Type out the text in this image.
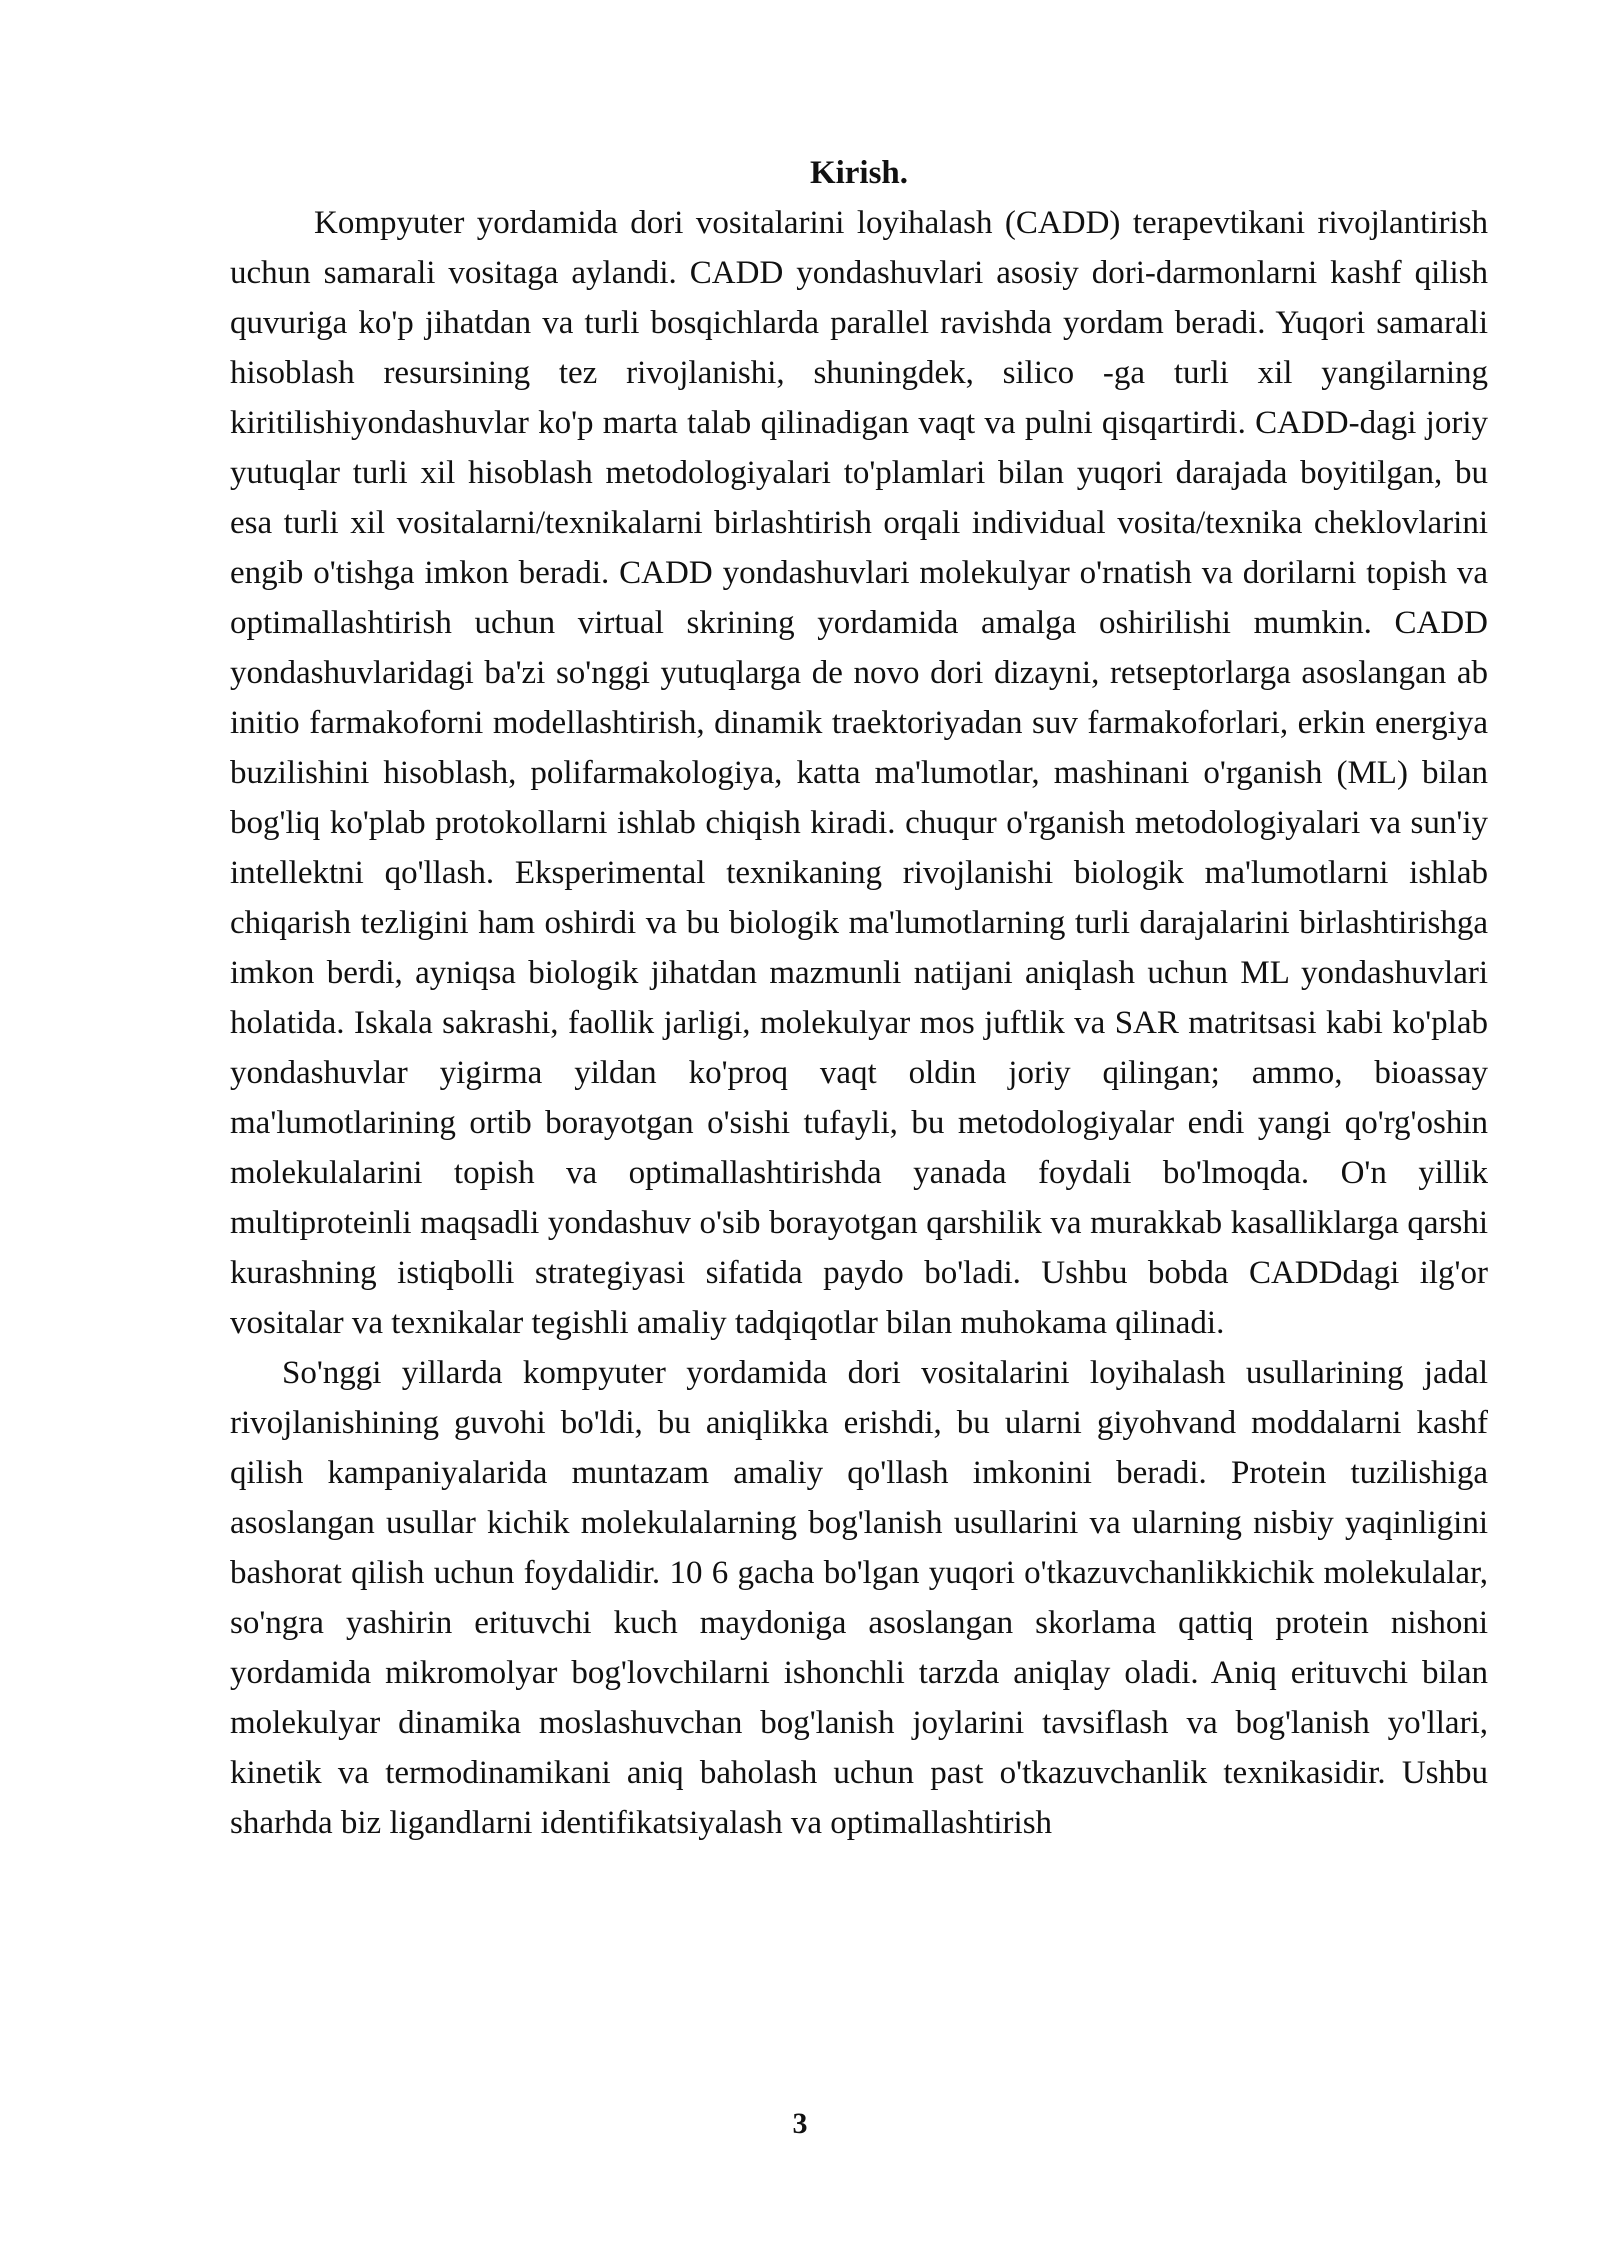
Kirish.

Kompyuter yordamida dori vositalarini loyihalash (CADD) terapevtikani rivojlantirish uchun samarali vositaga aylandi. CADD yondashuvlari asosiy dori-darmonlarni kashf qilish quvuriga ko'p jihatdan va turli bosqichlarda parallel ravishda yordam beradi. Yuqori samarali hisoblash resursining tez rivojlanishi, shuningdek, silico -ga turli xil yangilarning kiritilishiyondashuvlar ko'p marta talab qilinadigan vaqt va pulni qisqartirdi. CADD-dagi joriy yutuqlar turli xil hisoblash metodologiyalari to'plamlari bilan yuqori darajada boyitilgan, bu esa turli xil vositalarni/texnikalarni birlashtirish orqali individual vosita/texnika cheklovlarini engib o'tishga imkon beradi. CADD yondashuvlari molekulyar o'rnatish va dorilarni topish va optimallashtirish uchun virtual skrining yordamida amalga oshirilishi mumkin. CADD yondashuvlaridagi ba'zi so'nggi yutuqlarga de novo dori dizayni, retseptorlarga asoslangan ab initio farmakoforni modellashtirish, dinamik traektoriyadan suv farmakoforlari, erkin energiya buzilishini hisoblash, polifarmakologiya, katta ma'lumotlar, mashinani o'rganish (ML) bilan bog'liq ko'plab protokollarni ishlab chiqish kiradi. chuqur o'rganish metodologiyalari va sun'iy intellektni qo'llash. Eksperimental texnikaning rivojlanishi biologik ma'lumotlarni ishlab chiqarish tezligini ham oshirdi va bu biologik ma'lumotlarning turli darajalarini birlashtirishga imkon berdi, ayniqsa biologik jihatdan mazmunli natijani aniqlash uchun ML yondashuvlari holatida. Iskala sakrashi, faollik jarligi, molekulyar mos juftlik va SAR matritsasi kabi ko'plab yondashuvlar yigirma yildan ko'proq vaqt oldin joriy qilingan; ammo, bioassay ma'lumotlarining ortib borayotgan o'sishi tufayli, bu metodologiyalar endi yangi qo'rg'oshin molekulalarini topish va optimallashtirishda yanada foydali bo'lmoqda. O'n yillik multiproteinli maqsadli yondashuv o'sib borayotgan qarshilik va murakkab kasalliklarga qarshi kurashning istiqbolli strategiyasi sifatida paydo bo'ladi. Ushbu bobda CADDdagi ilg'or vositalar va texnikalar tegishli amaliy tadqiqotlar bilan muhokama qilinadi.

So'nggi yillarda kompyuter yordamida dori vositalarini loyihalash usullarining jadal rivojlanishining guvohi bo'ldi, bu aniqlikka erishdi, bu ularni giyohvand moddalarni kashf qilish kampaniyalarida muntazam amaliy qo'llash imkonini beradi. Protein tuzilishiga asoslangan usullar kichik molekulalarning bog'lanish usullarini va ularning nisbiy yaqinligini bashorat qilish uchun foydalidir. 10 6 gacha bo'lgan yuqori o'tkazuvchanlikkichik molekulalar, so'ngra yashirin erituvchi kuch maydoniga asoslangan skorlama qattiq protein nishoni yordamida mikromolyar bog'lovchilarni ishonchli tarzda aniqlay oladi. Aniq erituvchi bilan molekulyar dinamika moslashuvchan bog'lanish joylarini tavsiflash va bog'lanish yo'llari, kinetik va termodinamikani aniq baholash uchun past o'tkazuvchanlik texnikasidir. Ushbu sharhda biz ligandlarni identifikatsiyalash va optimallashtirish

3
